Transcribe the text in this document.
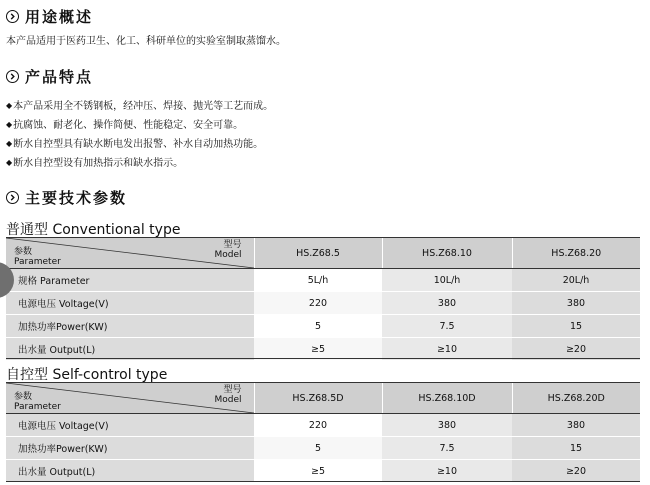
用途概述
本产品适用于医药卫生、化工、科研单位的实验室制取蒸馏水。
产品特点
◆本产品采用全不锈钢板，经冲压、焊接、抛光等工艺而成。
◆抗腐蚀、耐老化、操作简便、性能稳定、安全可靠。
◆断水自控型具有缺水断电发出报警、补水自动加热功能。
◆断水自控型设有加热指示和缺水指示。
主要技术参数
普通型 Conventional type
型号
Model
参数
Parameter	HS.Z68.5	HS.Z68.10	HS.Z68.20
规格 Parameter	5L/h	10L/h	20L/h
电源电压 Voltage(V)	220	380	380
加热功率Power(KW)	5	7.5	15
出水量 Output(L)	≥5	≥10	≥20
自控型 Self-control type
型号
Model
参数
Parameter	HS.Z68.5D	HS.Z68.10D	HS.Z68.20D
电源电压 Voltage(V)	220	380	380
加热功率Power(KW)	5	7.5	15
出水量 Output(L)	≥5	≥10	≥20
